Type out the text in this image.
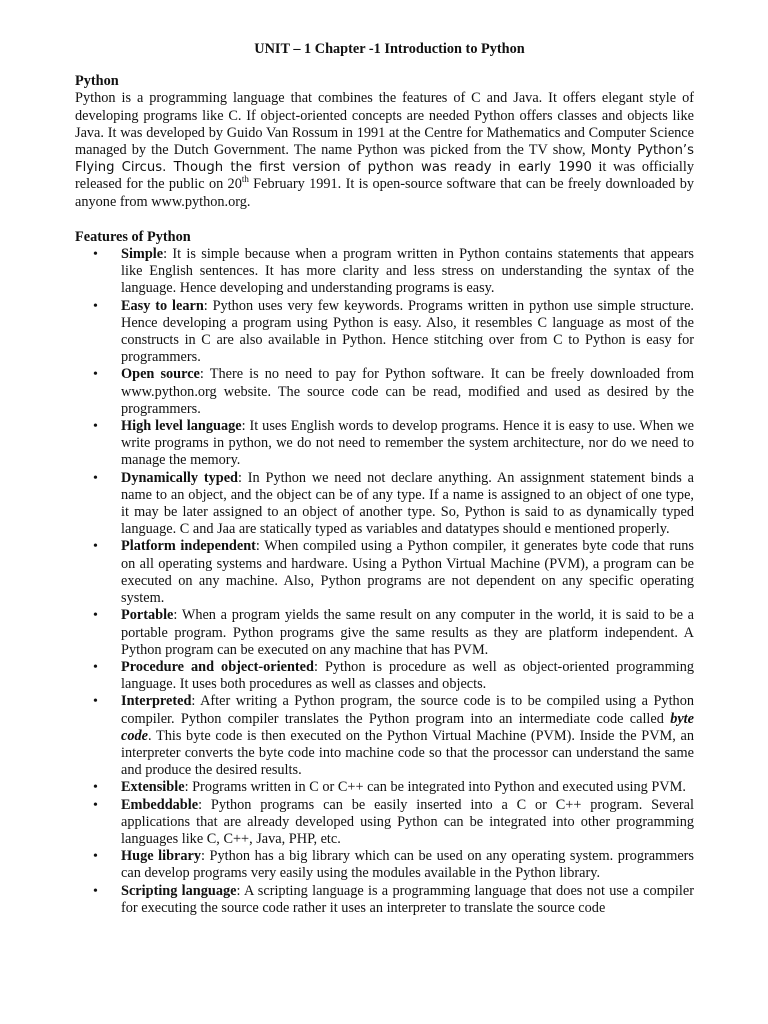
UNIT – 1 Chapter -1 Introduction to Python
Python

Python is a programming language that combines the features of C and Java. It offers elegant style of developing programs like C. If object-oriented concepts are needed Python offers classes and objects like Java. It was developed by Guido Van Rossum in 1991 at the Centre for Mathematics and Computer Science managed by the Dutch Government. The name Python was picked from the TV show, Monty Python’s Flying Circus. Though the first version of python was ready in early 1990 it was officially released for the public on 20th February 1991. It is open-source software that can be freely downloaded by anyone from www.python.org.

Features of Python
• Simple: It is simple because when a program written in Python contains statements that appears like English sentences. It has more clarity and less stress on understanding the syntax of the language. Hence developing and understanding programs is easy.
• Easy to learn: Python uses very few keywords. Programs written in python use simple structure. Hence developing a program using Python is easy. Also, it resembles C language as most of the constructs in C are also available in Python. Hence stitching over from C to Python is easy for programmers.
• Open source: There is no need to pay for Python software. It can be freely downloaded from www.python.org website. The source code can be read, modified and used as desired by the programmers.
• High level language: It uses English words to develop programs. Hence it is easy to use. When we write programs in python, we do not need to remember the system architecture, nor do we need to manage the memory.
• Dynamically typed: In Python we need not declare anything. An assignment statement binds a name to an object, and the object can be of any type. If a name is assigned to an object of one type, it may be later assigned to an object of another type. So, Python is said to as dynamically typed language. C and Jaa are statically typed as variables and datatypes should e mentioned properly.
• Platform independent: When compiled using a Python compiler, it generates byte code that runs on all operating systems and hardware. Using a Python Virtual Machine (PVM), a program can be executed on any machine. Also, Python programs are not dependent on any specific operating system.
• Portable: When a program yields the same result on any computer in the world, it is said to be a portable program. Python programs give the same results as they are platform independent. A Python program can be executed on any machine that has PVM.
• Procedure and object-oriented: Python is procedure as well as object-oriented programming language. It uses both procedures as well as classes and objects.
• Interpreted: After writing a Python program, the source code is to be compiled using a Python compiler. Python compiler translates the Python program into an intermediate code called byte code. This byte code is then executed on the Python Virtual Machine (PVM). Inside the PVM, an interpreter converts the byte code into machine code so that the processor can understand the same and produce the desired results.
• Extensible: Programs written in C or C++ can be integrated into Python and executed using PVM.
• Embeddable: Python programs can be easily inserted into a C or C++ program. Several applications that are already developed using Python can be integrated into other programming languages like C, C++, Java, PHP, etc.
• Huge library: Python has a big library which can be used on any operating system. programmers can develop programs very easily using the modules available in the Python library.
• Scripting language: A scripting language is a programming language that does not use a compiler for executing the source code rather it uses an interpreter to translate the source code
